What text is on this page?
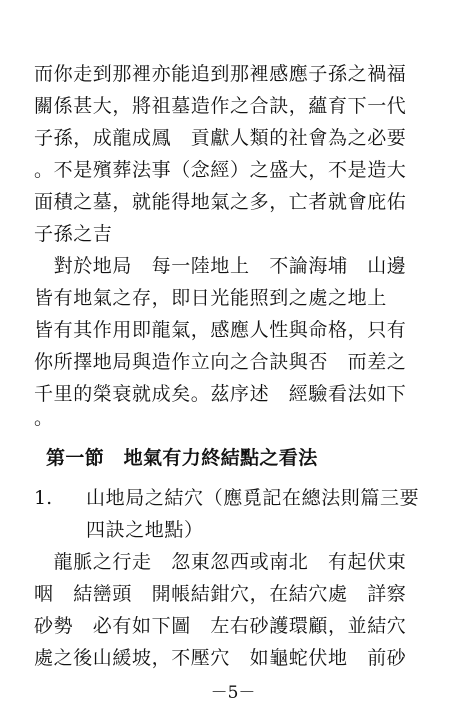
而你走到那裡亦能追到那裡感應子孫之禍福
關係甚大，將祖墓造作之合訣，蘊育下一代
子孫，成龍成鳳　貢獻人類的社會為之必要
。不是殯葬法事（念經）之盛大，不是造大
面積之墓，就能得地氣之多，亡者就會庇佑
子孫之吉
　對於地局　每一陸地上　不論海埔　山邊
皆有地氣之存，即日光能照到之處之地上
皆有其作用即龍氣，感應人性與命格，只有
你所擇地局與造作立向之合訣與否　而差之
千里的榮衰就成矣。茲序述　經驗看法如下
。
第一節　地氣有力終結點之看法
1. 山地局之結穴（應覓記在總法則篇三要
四訣之地點）
　龍脈之行走　忽東忽西或南北　有起伏束
咽　結巒頭　開帳結鉗穴，在結穴處　詳察
砂勢　必有如下圖　左右砂護環顧，並結穴
處之後山緩坡，不壓穴　如龜蛇伏地　前砂
－5－
